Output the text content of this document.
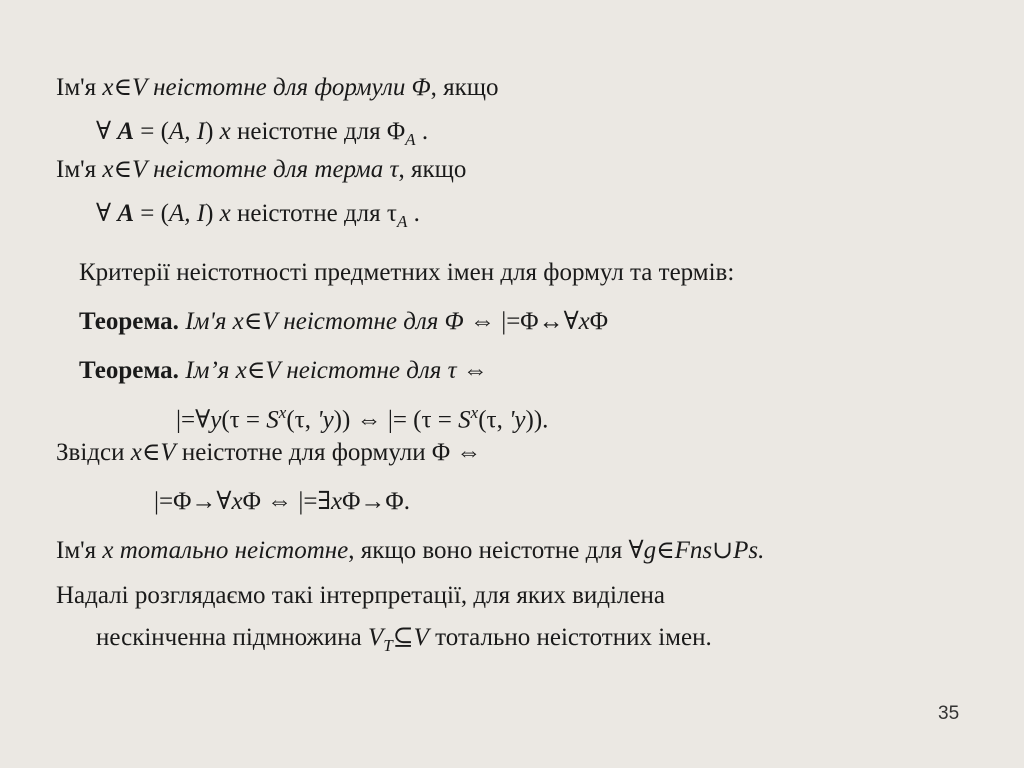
Ім'я x∈V неістотне для формули Φ, якщо
∀ A = (A, I) x неістотне для $\Phi_A$ .
Ім'я x∈V неістотне для терма τ, якщо
∀ A = (A, I) x неістотне для $\tau_A$ .
Критерії неістотності предметних імен для формул та термів:
Теорема. Ім'я x∈V неістотне для Φ ⇔ |=Φ↔∀xΦ
Теорема. Ім’я x∈V неістотне для τ ⇔
|=∀y(τ = $S^x(\tau$, 'y)) ⇔ |= ($\tau = S^x(\tau$, 'y)).
Звідси x∈V неістотне для формули Φ ⇔
|=Φ→∀xΦ ⇔ |=∃xΦ→Φ.
Ім'я x тотально неістотне, якщо воно неістотне для ∀g∈Fns∪Ps.
Надалі розглядаємо такі інтерпретації, для яких виділена
нескінченна підмножина $V_T⊆V$ тотально неістотних імен.
35
